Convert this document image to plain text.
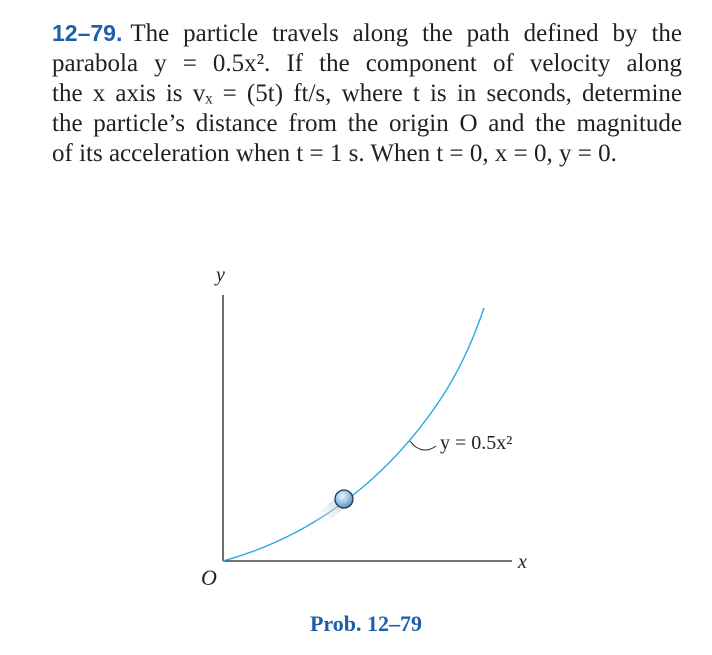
12–79. The particle travels along the path defined by the
parabola y = 0.5x². If the component of velocity along
the x axis is vₓ = (5t) ft/s, where t is in seconds, determine
the particle’s distance from the origin O and the magnitude
of its acceleration when t = 1 s. When t = 0, x = 0, y = 0.
y
x
O
y = 0.5x²
Prob. 12–79
